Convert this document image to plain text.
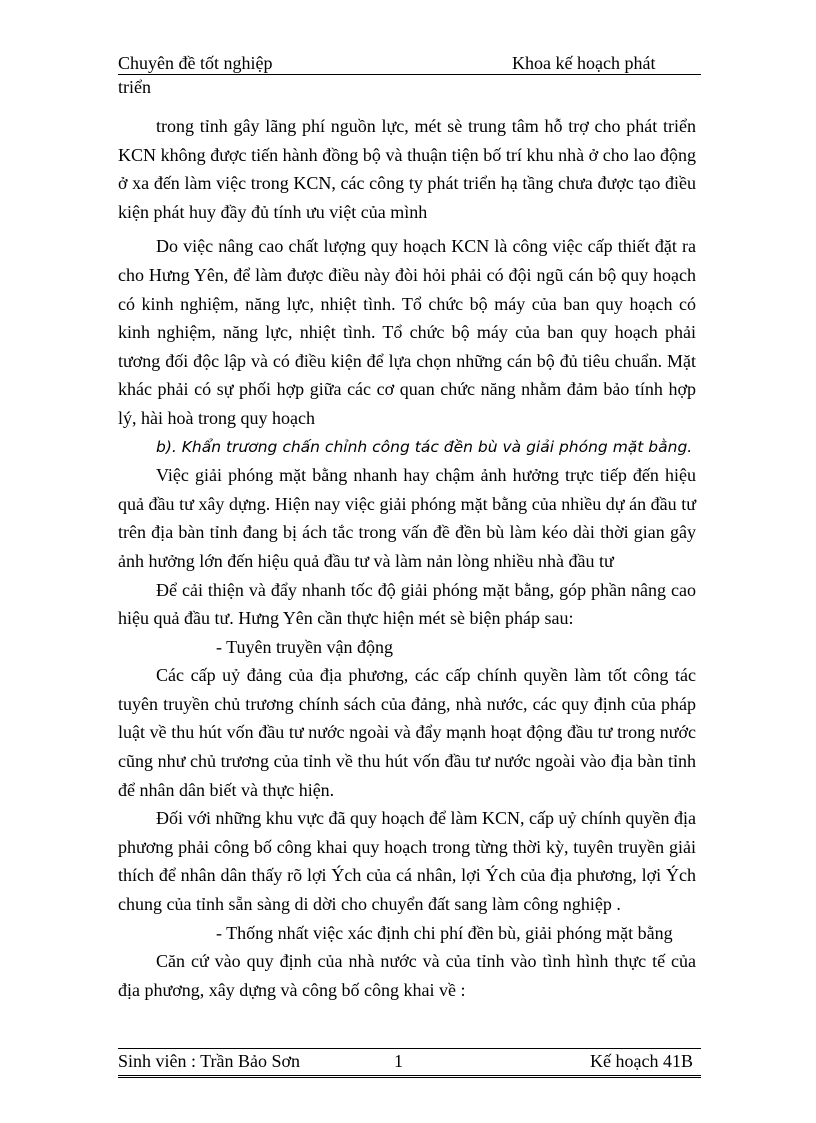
Chuyên đề tốt nghiệp	Khoa kế hoạch phát
triển

trong tỉnh gây lãng phí nguồn lực, mét sè trung tâm hỗ trợ cho phát triển KCN không được tiến hành đồng bộ và thuận tiện bố trí khu nhà ở cho lao động ở xa đến làm việc trong KCN, các công ty phát triển hạ tầng chưa được tạo điều kiện phát huy đầy đủ tính ưu việt của mình

Do việc nâng cao chất lượng quy hoạch KCN là công việc cấp thiết đặt ra cho Hưng Yên, để làm được điều này đòi hỏi phải có đội ngũ cán bộ quy hoạch có kinh nghiệm, năng lực, nhiệt tình. Tổ chức bộ máy của ban quy hoạch có kinh nghiệm, năng lực, nhiệt tình. Tổ chức bộ máy của ban quy hoạch phải tương đối độc lập và có điều kiện để lựa chọn những cán bộ đủ tiêu chuẩn. Mặt khác phải có sự phối hợp giữa các cơ quan chức năng nhằm đảm bảo tính hợp lý, hài hoà trong quy hoạch

b). Khẩn trương chấn chỉnh công tác đền bù và giải phóng mặt bằng.

Việc giải phóng mặt bằng nhanh hay chậm ảnh hưởng trực tiếp đến hiệu quả đầu tư xây dựng. Hiện nay việc giải phóng mặt bằng của nhiều dự án đầu tư trên địa bàn tỉnh đang bị ách tắc trong vấn đề đền bù làm kéo dài thời gian gây ảnh hưởng lớn đến hiệu quả đầu tư và làm nản lòng nhiều nhà đầu tư

Để cải thiện và đẩy nhanh tốc độ giải phóng mặt bằng, góp phần nâng cao hiệu quả đầu tư. Hưng Yên cần thực hiện mét sè biện pháp sau:

- Tuyên truyền vận động

Các cấp uỷ đảng của địa phương, các cấp chính quyền làm tốt công tác tuyên truyền chủ trương chính sách của đảng, nhà nước, các quy định của pháp luật về thu hút vốn đầu tư nước ngoài và đẩy mạnh hoạt động đầu tư trong nước cũng như chủ trương của tỉnh về thu hút vốn đầu tư nước ngoài vào địa bàn tỉnh để nhân dân biết và thực hiện.

Đối với những khu vực đã quy hoạch để làm KCN, cấp uỷ chính quyền địa phương phải công bố công khai quy hoạch trong từng thời kỳ, tuyên truyền giải thích để nhân dân thấy rõ lợi Ých của cá nhân, lợi Ých của địa phương, lợi Ých chung của tỉnh sẵn sàng di dời cho chuyển đất sang làm công nghiệp .

- Thống nhất việc xác định chi phí đền bù, giải phóng mặt bằng

Căn cứ vào quy định của nhà nước và của tỉnh vào tình hình thực tế của địa phương, xây dựng và công bố công khai về :

Sinh viên : Trần Bảo Sơn	1	Kế hoạch 41B
